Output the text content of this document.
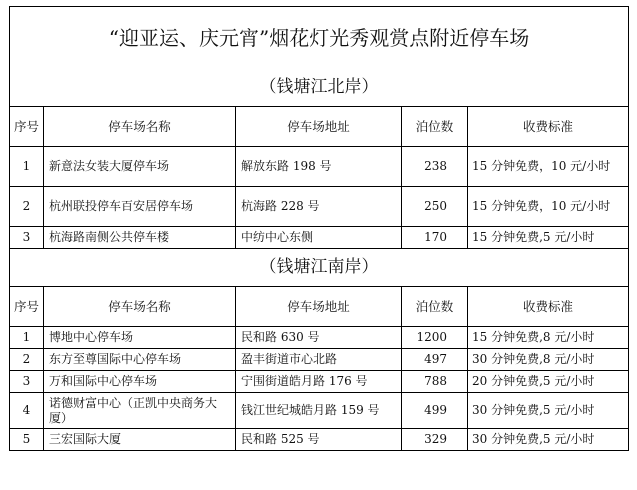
“迎亚运、庆元宵”烟花灯光秀观赏点附近停车场				
（钱塘江北岸）				
序号	停车场名称	停车场地址	泊位数	收费标准
1	新意法女装大厦停车场	解放东路 198 号	238	15 分钟免费，10 元/小时
2	杭州联投停车百安居停车场	杭海路 228 号	250	15 分钟免费，10 元/小时
3	杭海路南侧公共停车楼	中纺中心东侧	170	15 分钟免费,5 元/小时
（钱塘江南岸）				
序号	停车场名称	停车场地址	泊位数	收费标准
1	博地中心停车场	民和路 630 号	1200	15 分钟免费,8 元/小时
2	东方至尊国际中心停车场	盈丰街道市心北路	497	30 分钟免费,8 元/小时
3	万和国际中心停车场	宁围街道皓月路 176 号	788	20 分钟免费,5 元/小时
4	诺德财富中心（正凯中央商务大厦）	钱江世纪城皓月路 159 号	499	30 分钟免费,5 元/小时
5	三宏国际大厦	民和路 525 号	329	30 分钟免费,5 元/小时
